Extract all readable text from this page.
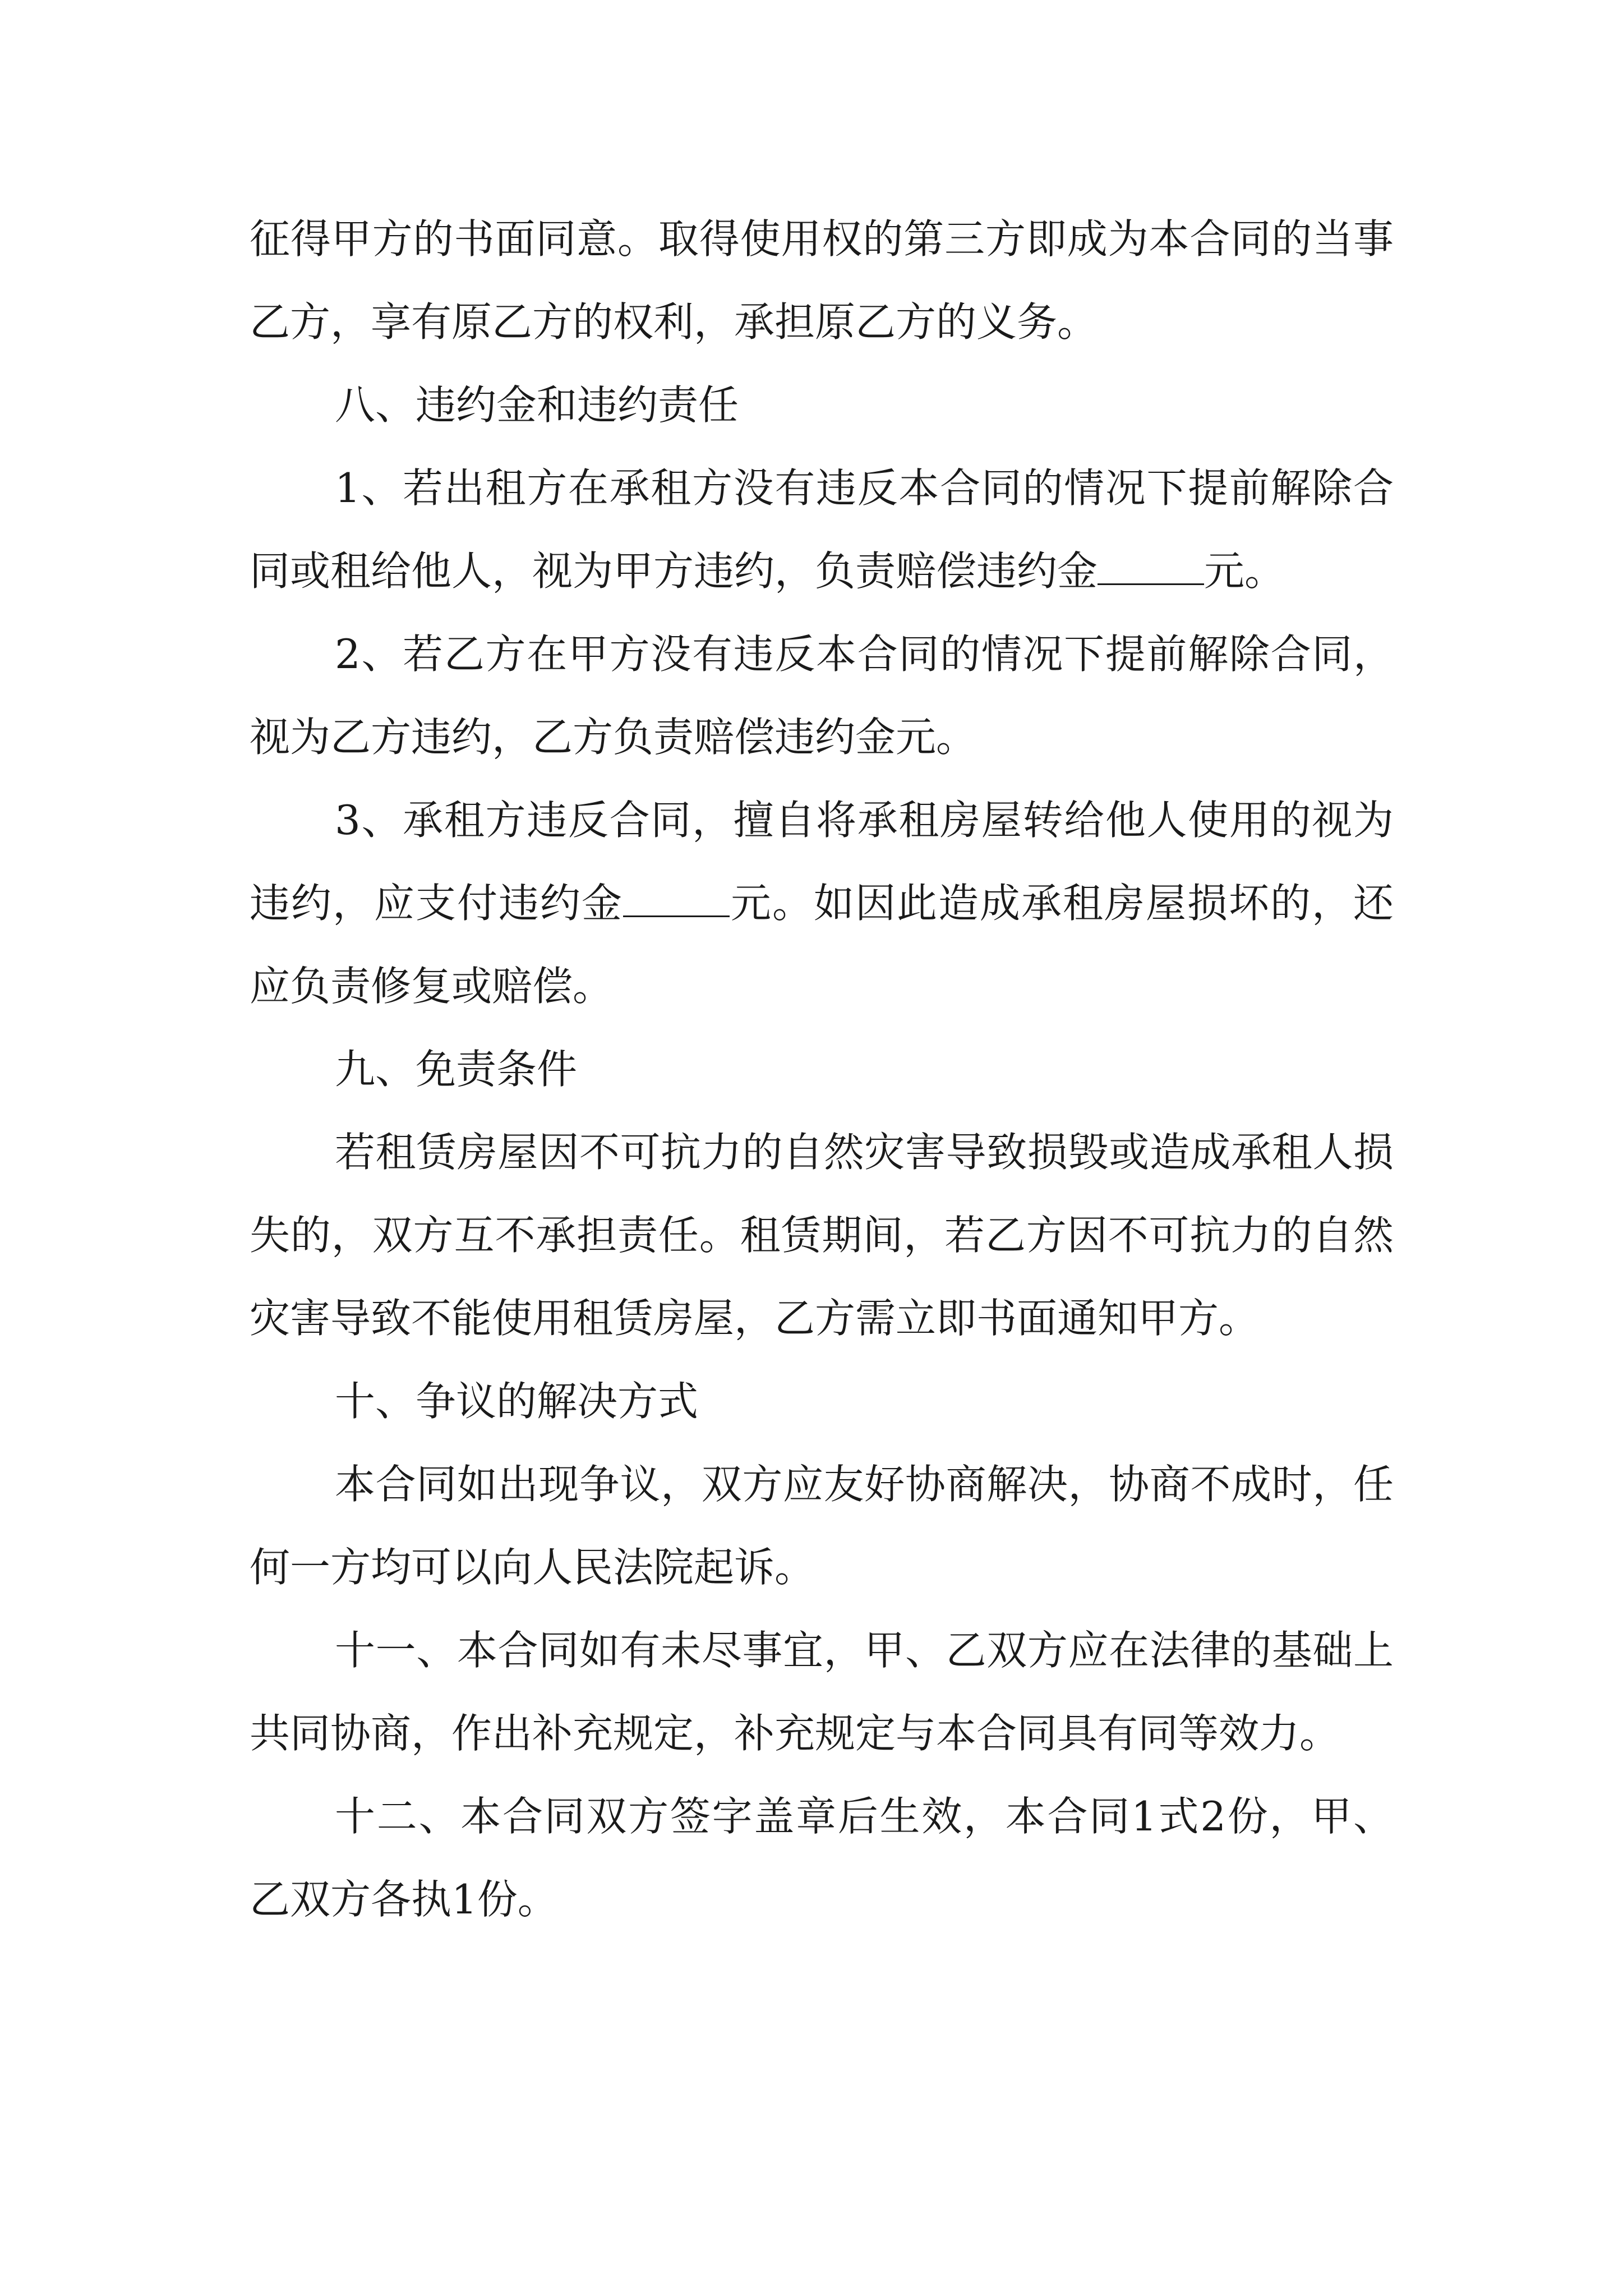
征得甲方的书面同意。取得使用权的第三方即成为本合同的当事乙方，享有原乙方的权利，承担原乙方的义务。

八、违约金和违约责任

1、若出租方在承租方没有违反本合同的情况下提前解除合同或租给他人，视为甲方违约，负责赔偿违约金	元。

2、若乙方在甲方没有违反本合同的情况下提前解除合同，视为乙方违约，乙方负责赔偿违约金元。

3、承租方违反合同，擅自将承租房屋转给他人使用的视为违约，应支付违约金	元。如因此造成承租房屋损坏的，还应负责修复或赔偿。

九、免责条件

若租赁房屋因不可抗力的自然灾害导致损毁或造成承租人损失的，双方互不承担责任。租赁期间，若乙方因不可抗力的自然灾害导致不能使用租赁房屋，乙方需立即书面通知甲方。

十、争议的解决方式

本合同如出现争议，双方应友好协商解决，协商不成时，任何一方均可以向人民法院起诉。

十一、本合同如有未尽事宜，甲、乙双方应在法律的基础上共同协商，作出补充规定，补充规定与本合同具有同等效力。

十二、本合同双方签字盖章后生效，本合同1式2份，甲、乙双方各执1份。
